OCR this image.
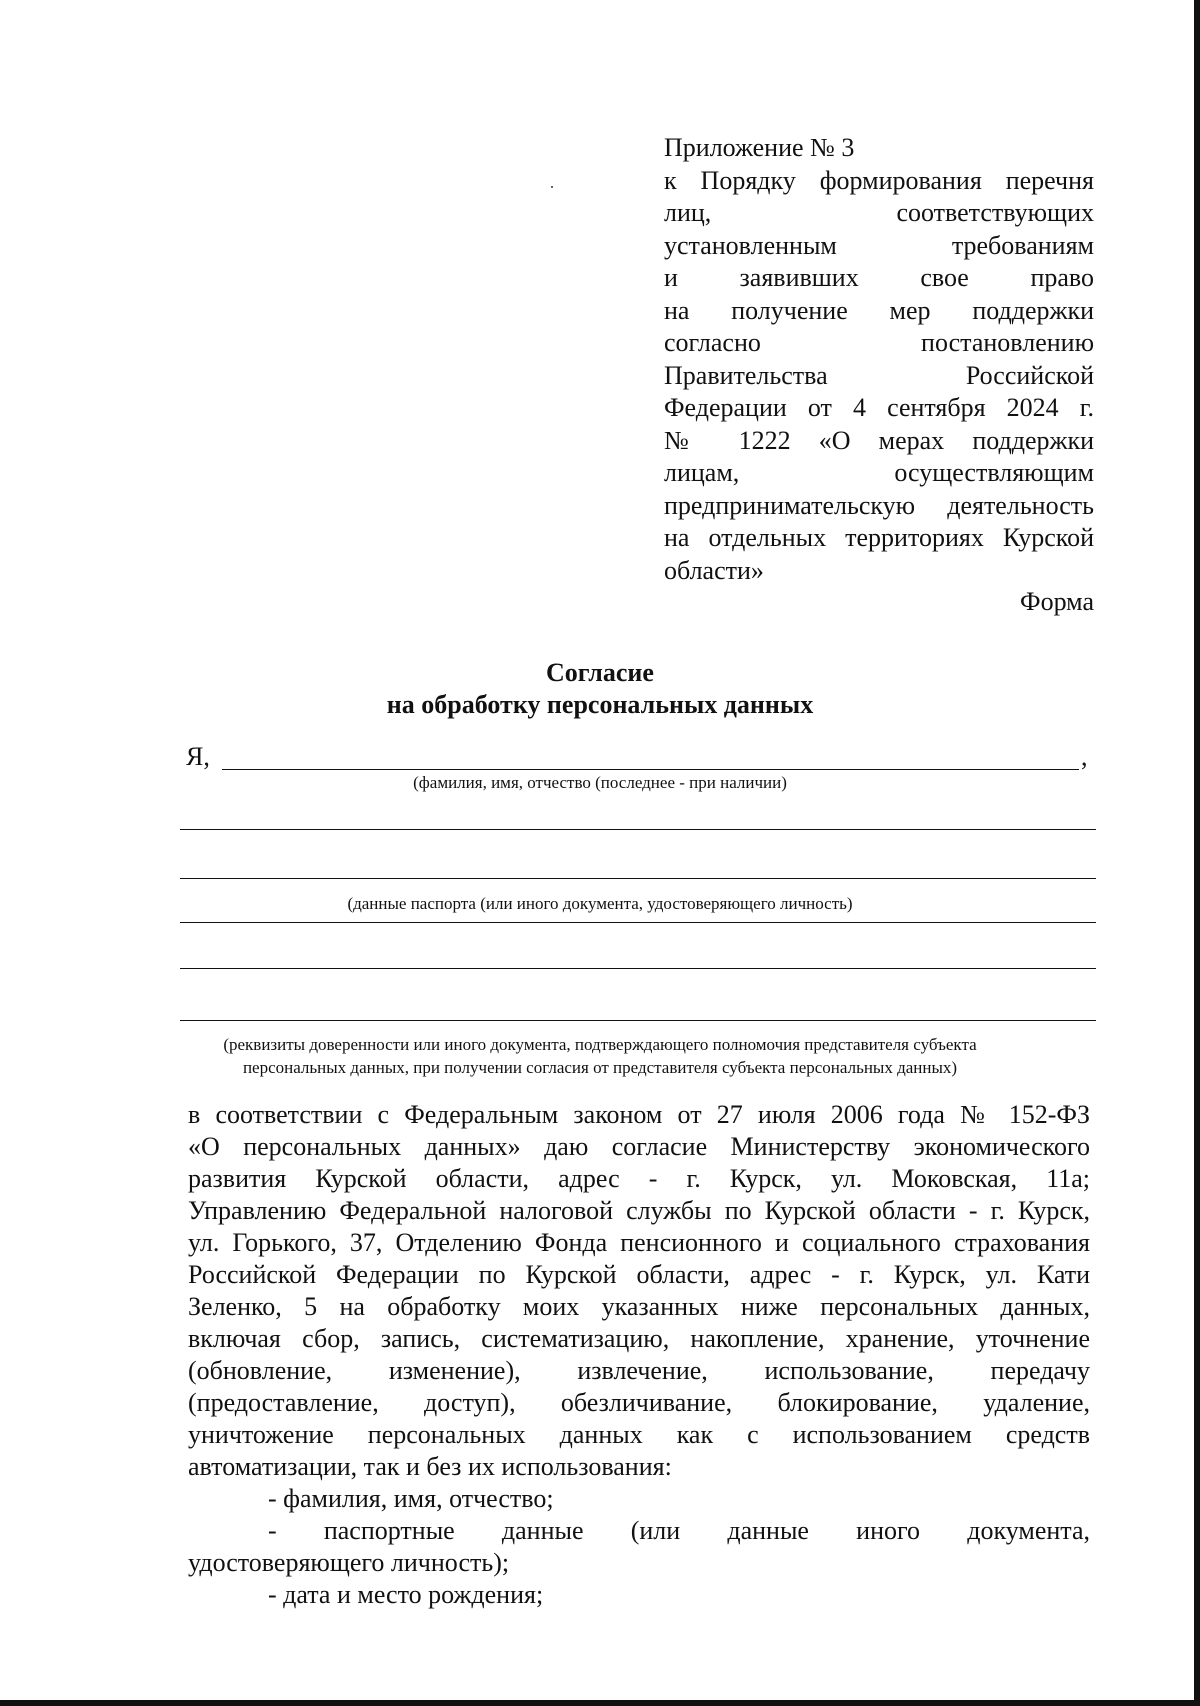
Приложение № 3
к Порядку формирования перечня
лиц, соответствующих
установленным требованиям
и заявивших свое право
на получение мер поддержки
согласно постановлению
Правительства Российской
Федерации от 4 сентября 2024 г.
№ 1222 «О мерах поддержки
лицам, осуществляющим
предпринимательскую деятельность
на отдельных территориях Курской
области»
Форма
Согласие
на обработку персональных данных
Я,	,
(фамилия, имя, отчество (последнее - при наличии)
(данные паспорта (или иного документа, удостоверяющего личность)
(реквизиты доверенности или иного документа, подтверждающего полномочия представителя субъекта
персональных данных, при получении согласия от представителя субъекта персональных данных)
в соответствии с Федеральным законом от 27 июля 2006 года № 152-ФЗ
«О персональных данных» даю согласие Министерству экономического
развития Курской области, адрес - г. Курск, ул. Моковская, 11а;
Управлению Федеральной налоговой службы по Курской области - г. Курск,
ул. Горького, 37, Отделению Фонда пенсионного и социального страхования
Российской Федерации по Курской области, адрес - г. Курск, ул. Кати
Зеленко, 5 на обработку моих указанных ниже персональных данных,
включая сбор, запись, систематизацию, накопление, хранение, уточнение
(обновление, изменение), извлечение, использование, передачу
(предоставление, доступ), обезличивание, блокирование, удаление,
уничтожение персональных данных как с использованием средств
автоматизации, так и без их использования:
- фамилия, имя, отчество;
- паспортные данные (или данные иного документа,
удостоверяющего личность);
- дата и место рождения;
